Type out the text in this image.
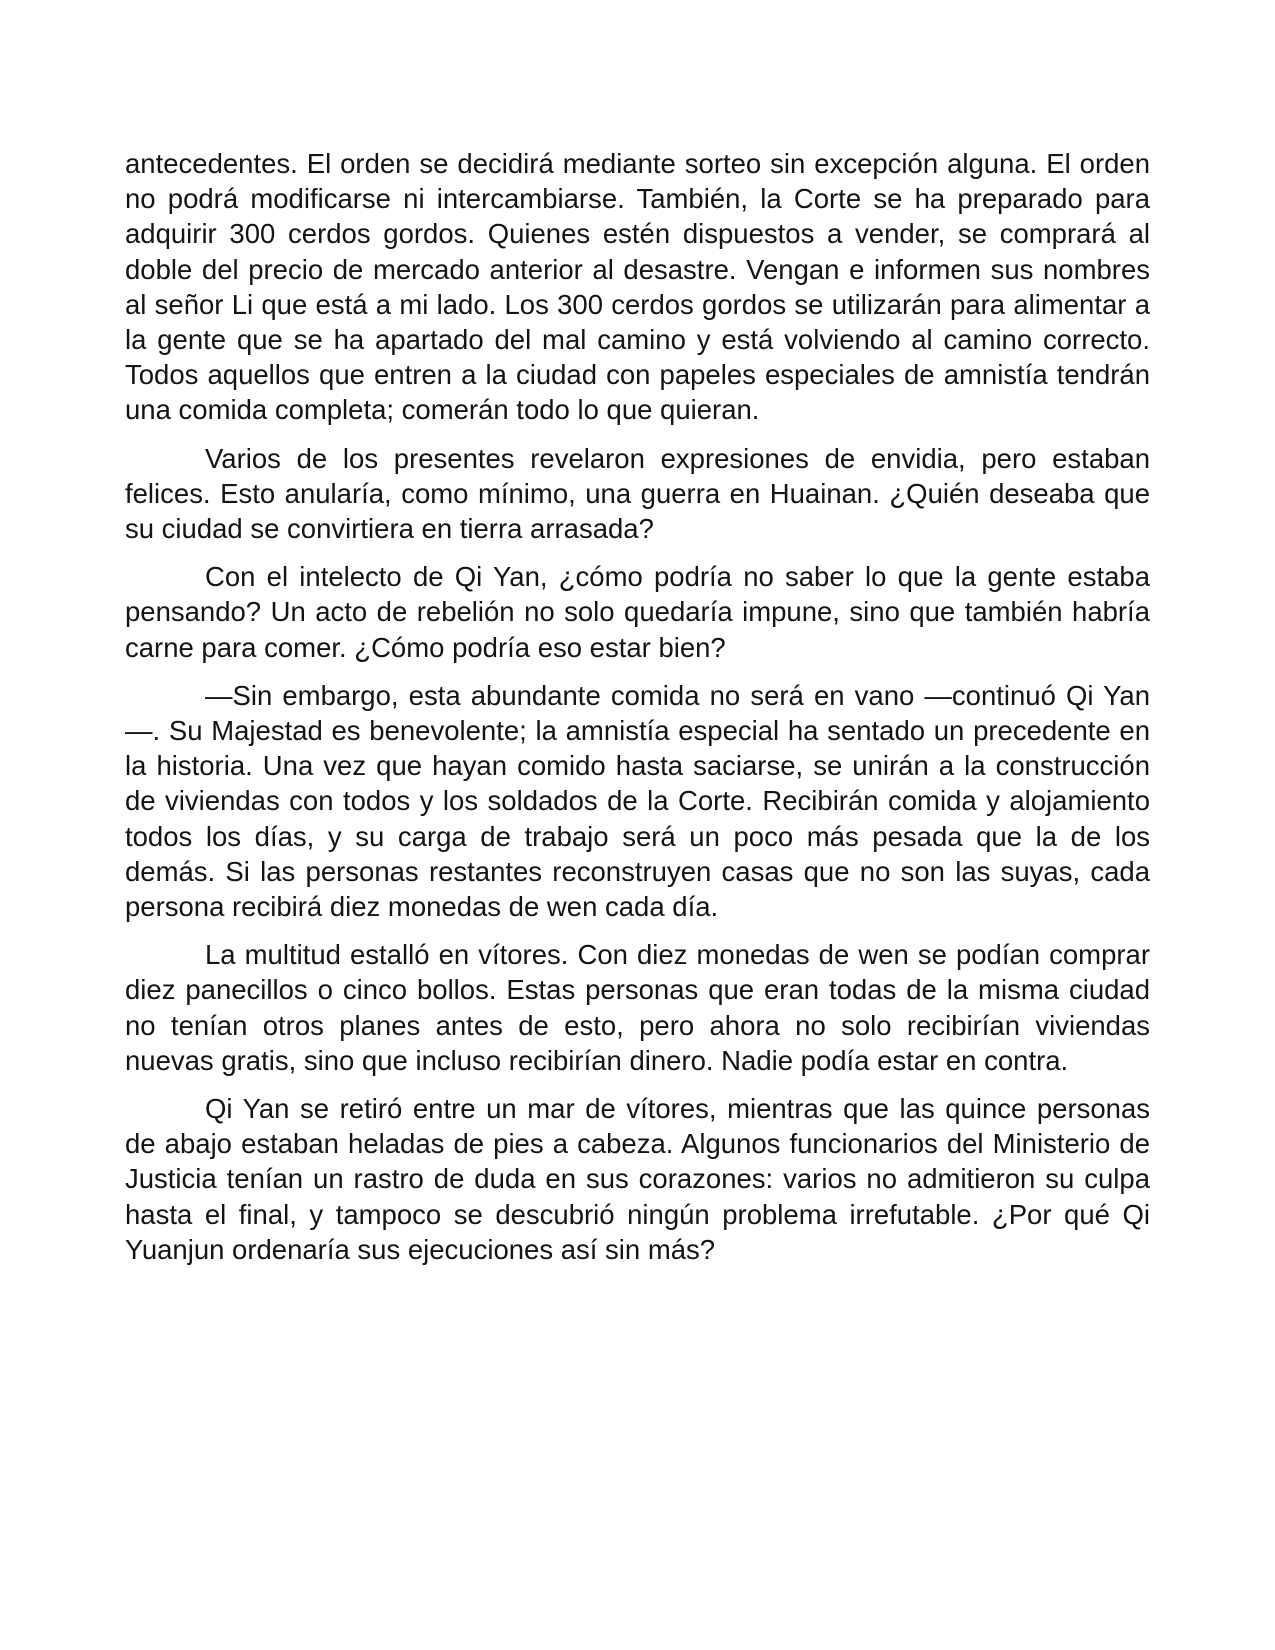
antecedentes. El orden se decidirá mediante sorteo sin excepción alguna. El orden no podrá modificarse ni intercambiarse. También, la Corte se ha preparado para adquirir 300 cerdos gordos. Quienes estén dispuestos a vender, se comprará al doble del precio de mercado anterior al desastre. Vengan e informen sus nombres al señor Li que está a mi lado. Los 300 cerdos gordos se utilizarán para alimentar a la gente que se ha apartado del mal camino y está volviendo al camino correcto. Todos aquellos que entren a la ciudad con papeles especiales de amnistía tendrán una comida completa; comerán todo lo que quieran.

Varios de los presentes revelaron expresiones de envidia, pero estaban felices. Esto anularía, como mínimo, una guerra en Huainan. ¿Quién deseaba que su ciudad se convirtiera en tierra arrasada?

Con el intelecto de Qi Yan, ¿cómo podría no saber lo que la gente estaba pensando? Un acto de rebelión no solo quedaría impune, sino que también habría carne para comer. ¿Cómo podría eso estar bien?

—Sin embargo, esta abundante comida no será en vano —continuó Qi Yan—. Su Majestad es benevolente; la amnistía especial ha sentado un precedente en la historia. Una vez que hayan comido hasta saciarse, se unirán a la construcción de viviendas con todos y los soldados de la Corte. Recibirán comida y alojamiento todos los días, y su carga de trabajo será un poco más pesada que la de los demás. Si las personas restantes reconstruyen casas que no son las suyas, cada persona recibirá diez monedas de wen cada día.

La multitud estalló en vítores. Con diez monedas de wen se podían comprar diez panecillos o cinco bollos. Estas personas que eran todas de la misma ciudad no tenían otros planes antes de esto, pero ahora no solo recibirían viviendas nuevas gratis, sino que incluso recibirían dinero. Nadie podía estar en contra.

Qi Yan se retiró entre un mar de vítores, mientras que las quince personas de abajo estaban heladas de pies a cabeza. Algunos funcionarios del Ministerio de Justicia tenían un rastro de duda en sus corazones: varios no admitieron su culpa hasta el final, y tampoco se descubrió ningún problema irrefutable. ¿Por qué Qi Yuanjun ordenaría sus ejecuciones así sin más?
